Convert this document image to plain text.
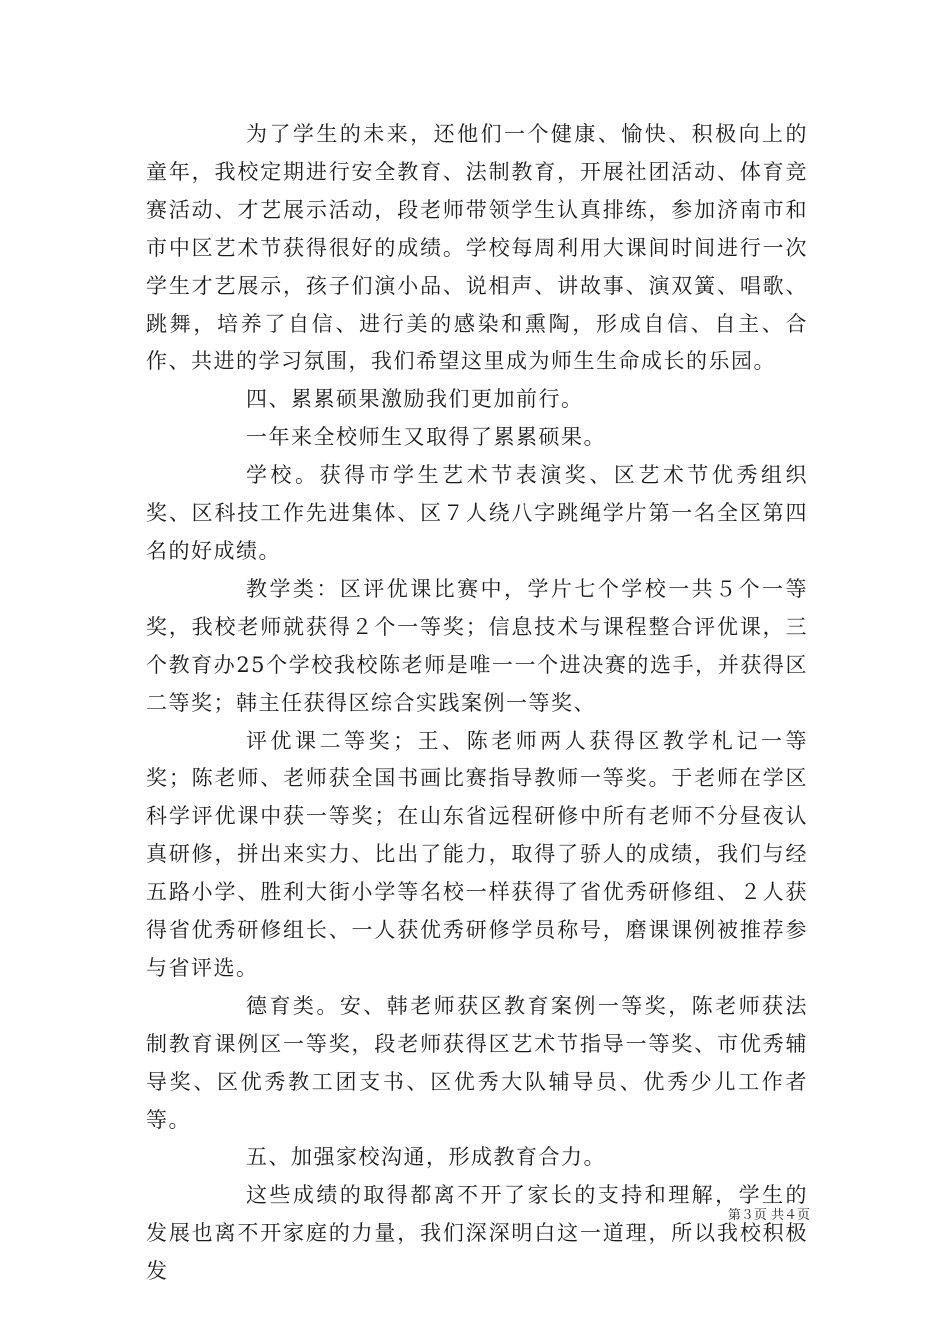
为了学生的未来，还他们一个健康、愉快、积极向上的童年，我校定期进行安全教育、法制教育，开展社团活动、体育竞赛活动、才艺展示活动，段老师带领学生认真排练，参加济南市和市中区艺术节获得很好的成绩。学校每周利用大课间时间进行一次学生才艺展示，孩子们演小品、说相声、讲故事、演双簧、唱歌、跳舞，培养了自信、进行美的感染和熏陶，形成自信、自主、合作、共进的学习氛围，我们希望这里成为师生生命成长的乐园。

四、累累硕果激励我们更加前行。

一年来全校师生又取得了累累硕果。

学校。获得市学生艺术节表演奖、区艺术节优秀组织奖、区科技工作先进集体、区７人绕八字跳绳学片第一名全区第四名的好成绩。

教学类：区评优课比赛中，学片七个学校一共５个一等奖，我校老师就获得２个一等奖；信息技术与课程整合评优课，三个教育办25个学校我校陈老师是唯一一个进决赛的选手，并获得区二等奖；韩主任获得区综合实践案例一等奖、

评优课二等奖；王、陈老师两人获得区教学札记一等奖；陈老师、老师获全国书画比赛指导教师一等奖。于老师在学区科学评优课中获一等奖；在山东省远程研修中所有老师不分昼夜认真研修，拼出来实力、比出了能力，取得了骄人的成绩，我们与经五路小学、胜利大街小学等名校一样获得了省优秀研修组、２人获得省优秀研修组长、一人获优秀研修学员称号，磨课课例被推荐参与省评选。

德育类。安、韩老师获区教育案例一等奖，陈老师获法制教育课例区一等奖，段老师获得区艺术节指导一等奖、市优秀辅导奖、区优秀教工团支书、区优秀大队辅导员、优秀少儿工作者等。

五、加强家校沟通，形成教育合力。

这些成绩的取得都离不开了家长的支持和理解，学生的发展也离不开家庭的力量，我们深深明白这一道理，所以我校积极发

第３页 共４页
